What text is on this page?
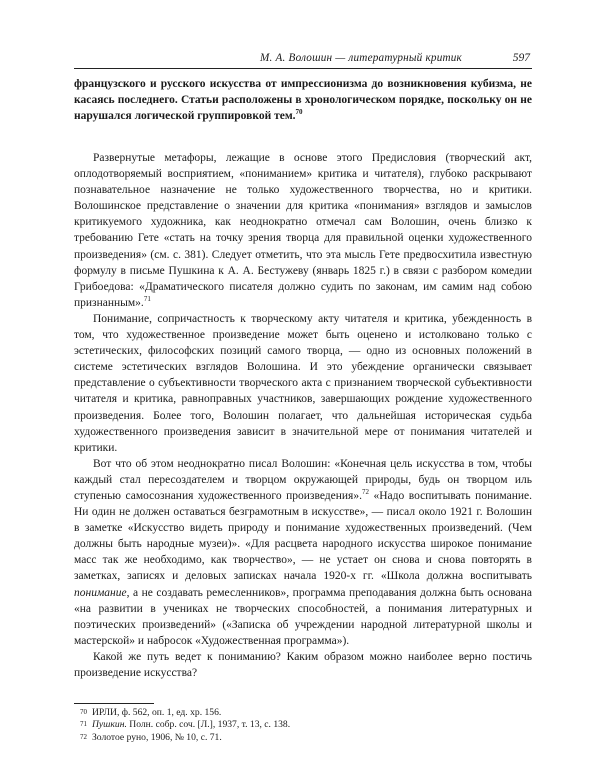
М. А. Волошин — литературный критик	597

французского и русского искусства от импрессионизма до возникновения кубизма, не касаясь последнего. Статьи расположены в хронологическом порядке, поскольку он не нарушался логической группировкой тем.$^{70}$

Развернутые метафоры, лежащие в основе этого Предисловия (творческий акт, оплодотворяемый восприятием, «пониманием» критика и читателя), глубоко раскрывают познавательное назначение не только художественного творчества, но и критики. Волошинское представление о значении для критика «понимания» взглядов и замыслов критикуемого художника, как неоднократно отмечал сам Волошин, очень близко к требованию Гете «стать на точку зрения творца для правильной оценки художественного произведения» (см. с. 381). Следует отметить, что эта мысль Гете предвосхитила известную формулу в письме Пушкина к А. А. Бестужеву (январь 1825 г.) в связи с разбором комедии Грибоедова: «Драматического писателя должно судить по законам, им самим над собою признанным».$^{71}$

Понимание, сопричастность к творческому акту читателя и критика, убежденность в том, что художественное произведение может быть оценено и истолковано только с эстетических, философских позиций самого творца, — одно из основных положений в системе эстетических взглядов Волошина. И это убеждение органически связывает представление о субъективности творческого акта с признанием творческой субъективности читателя и критика, равноправных участников, завершающих рождение художественного произведения. Более того, Волошин полагает, что дальнейшая историческая судьба художественного произведения зависит в значительной мере от понимания читателей и критики.

Вот что об этом неоднократно писал Волошин: «Конечная цель искусства в том, чтобы каждый стал пересоздателем и творцом окружающей природы, будь он творцом иль ступенью самосознания художественного произведения».$^{72}$ «Надо воспитывать понимание. Ни один не должен оставаться безграмотным в искусстве», — писал около 1921 г. Волошин в заметке «Искусство видеть природу и понимание художественных произведений. (Чем должны быть народные музеи)». «Для расцвета народного искусства широкое понимание масс так же необходимо, как творчество», — не устает он снова и снова повторять в заметках, записях и деловых записках начала 1920-х гг. «Школа должна воспитывать понимание, а не создавать ремесленников», программа преподавания должна быть основана «на развитии в учениках не творческих способностей, а понимания литературных и поэтических произведений» («Записка об учреждении народной литературной школы и мастерской» и набросок «Художественная программа»).

Какой же путь ведет к пониманию? Каким образом можно наиболее верно постичь произведение искусства?

70 ИРЛИ, ф. 562, оп. 1, ед. хр. 156.
71 Пушкин. Полн. собр. соч. [Л.], 1937, т. 13, с. 138.
72 Золотое руно, 1906, № 10, с. 71.
